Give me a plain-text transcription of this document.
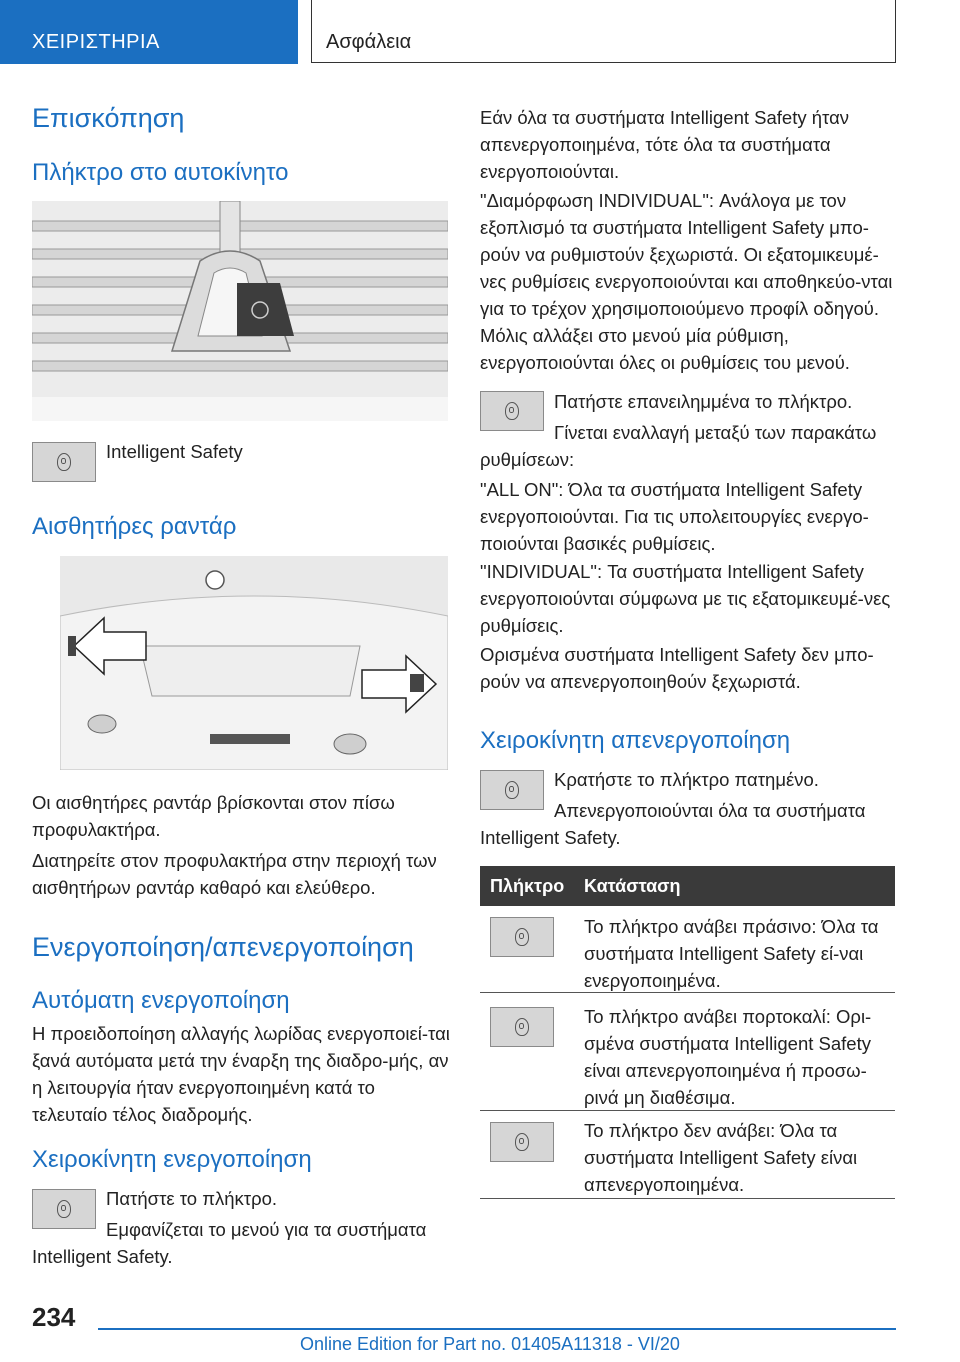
ΧΕΙΡΙΣΤΗΡΙΑ	Ασφάλεια
Επισκόπηση
Πλήκτρο στο αυτοκίνητο
Intelligent Safety
Αισθητήρες ραντάρ
Οι αισθητήρες ραντάρ βρίσκονται στον πίσω προφυλακτήρα.
Διατηρείτε στον προφυλακτήρα στην περιοχή των αισθητήρων ραντάρ καθαρό και ελεύθερο.
Ενεργοποίηση/απενεργοποίηση
Αυτόματη ενεργοποίηση
Η προειδοποίηση αλλαγής λωρίδας ενεργοποιεί-ται ξανά αυτόματα μετά την έναρξη της διαδρο-μής, αν η λειτουργία ήταν ενεργοποιημένη κατά το τελευταίο τέλος διαδρομής.
Χειροκίνητη ενεργοποίηση
Πατήστε το πλήκτρο.
Εμφανίζεται το μενού για τα συστήματα
Intelligent Safety.
Εάν όλα τα συστήματα Intelligent Safety ήταν απενεργοποιημένα, τότε όλα τα συστήματα ενεργοποιούνται.
"Διαμόρφωση INDIVIDUAL": Ανάλογα με τον εξοπλισμό τα συστήματα Intelligent Safety μπο-ρούν να ρυθμιστούν ξεχωριστά. Οι εξατομικευμέ-νες ρυθμίσεις ενεργοποιούνται και αποθηκεύο-νται για το τρέχον χρησιμοποιούμενο προφίλ οδηγού. Μόλις αλλάξει στο μενού μία ρύθμιση, ενεργοποιούνται όλες οι ρυθμίσεις του μενού.
Πατήστε επανειλημμένα το πλήκτρο.
Γίνεται εναλλαγή μεταξύ των παρακάτω ρυθμίσεων:
"ALL ON": Όλα τα συστήματα Intelligent Safety ενεργοποιούνται. Για τις υπολειτουργίες ενεργο-ποιούνται βασικές ρυθμίσεις.
"INDIVIDUAL": Τα συστήματα Intelligent Safety ενεργοποιούνται σύμφωνα με τις εξατομικευμέ-νες ρυθμίσεις.
Ορισμένα συστήματα Intelligent Safety δεν μπο-ρούν να απενεργοποιηθούν ξεχωριστά.
Χειροκίνητη απενεργοποίηση
Κρατήστε το πλήκτρο πατημένο.
Απενεργοποιούνται όλα τα συστήματα Intelligent Safety.
Πλήκτρο Κατάσταση
Το πλήκτρο ανάβει πράσινο: Όλα τα συστήματα Intelligent Safety εί-ναι ενεργοποιημένα.
Το πλήκτρο ανάβει πορτοκαλί: Ορι-σμένα συστήματα Intelligent Safety είναι απενεργοποιημένα ή προσω-ρινά μη διαθέσιμα.
Το πλήκτρο δεν ανάβει: Όλα τα συστήματα Intelligent Safety είναι απενεργοποιημένα.
234
Online Edition for Part no. 01405A11318 - VI/20
